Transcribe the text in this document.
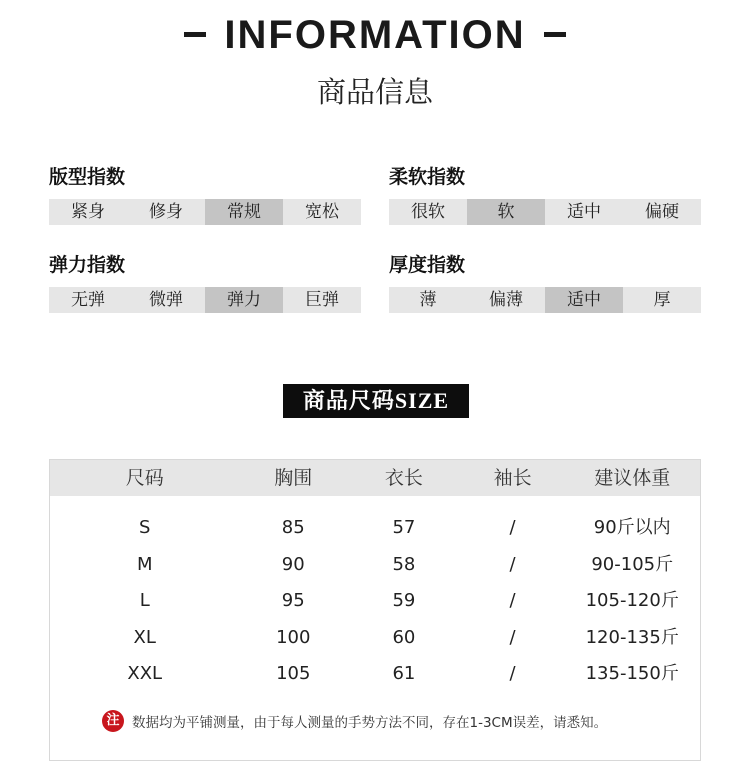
INFORMATION
商品信息
版型指数
紧身	修身	常规	宽松
柔软指数
很软	软	适中	偏硬
弹力指数
无弹	微弹	弹力	巨弹
厚度指数
薄	偏薄	适中	厚
商品尺码SIZE
尺码	胸围	衣长	袖长	建议体重
S	85	57	/	90斤以内
M	90	58	/	90-105斤
L	95	59	/	105-120斤
XL	100	60	/	120-135斤
XXL	105	61	/	135-150斤
注 数据均为平铺测量，由于每人测量的手势方法不同，存在1-3CM误差，请悉知。
